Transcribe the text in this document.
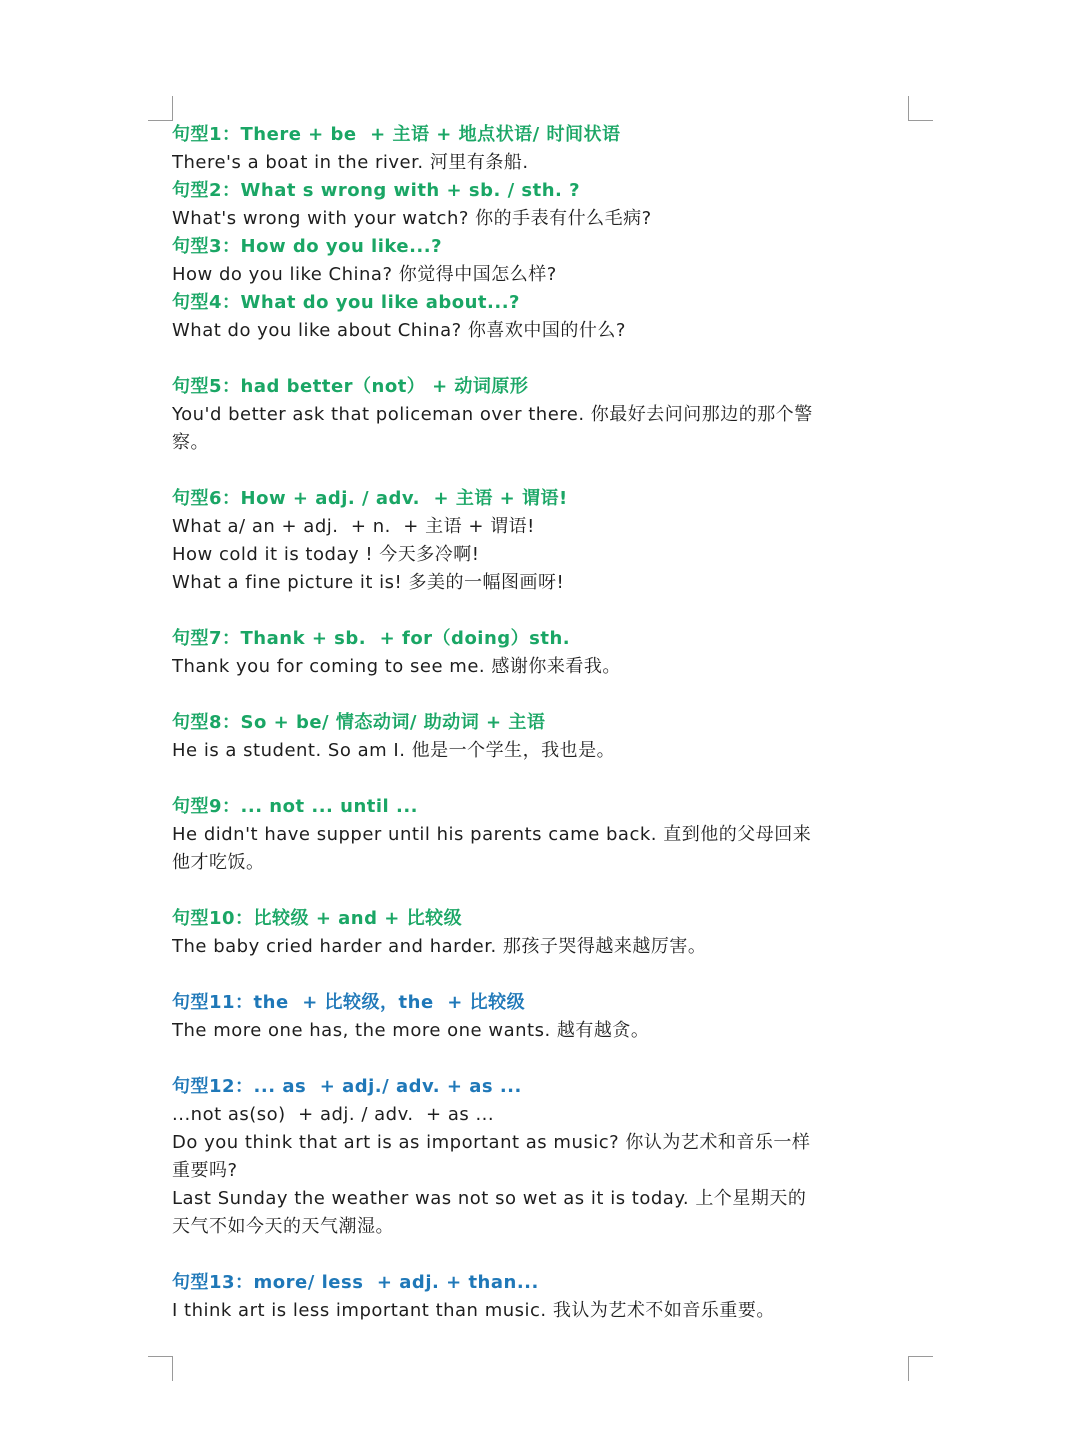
句型1：There + be  + 主语 + 地点状语/ 时间状语
There's a boat in the river. 河里有条船.
句型2：What s wrong with + sb. / sth. ?
What's wrong with your watch? 你的手表有什么毛病?
句型3：How do you like...?
How do you like China? 你觉得中国怎么样?
句型4：What do you like about...?
What do you like about China? 你喜欢中国的什么?
句型5：had better（not） + 动词原形
You'd better ask that policeman over there. 你最好去问问那边的那个警
察。
句型6：How + adj. / adv.  + 主语 + 谓语!
What a/ an + adj.  + n.  + 主语 + 谓语!
How cold it is today ! 今天多冷啊!
What a fine picture it is! 多美的一幅图画呀!
句型7：Thank + sb.  + for（doing）sth.
Thank you for coming to see me. 感谢你来看我。
句型8：So + be/ 情态动词/ 助动词 + 主语
He is a student. So am I. 他是一个学生，我也是。
句型9：... not ... until ...
He didn't have supper until his parents came back. 直到他的父母回来
他才吃饭。
句型10：比较级 + and + 比较级
The baby cried harder and harder. 那孩子哭得越来越厉害。
句型11：the  + 比较级，the  + 比较级
The more one has, the more one wants. 越有越贪。
句型12：... as  + adj./ adv. + as ...
...not as(so)  + adj. / adv.  + as ...
Do you think that art is as important as music? 你认为艺术和音乐一样
重要吗?
Last Sunday the weather was not so wet as it is today. 上个星期天的
天气不如今天的天气潮湿。
句型13：more/ less  + adj. + than...
I think art is less important than music. 我认为艺术不如音乐重要。
